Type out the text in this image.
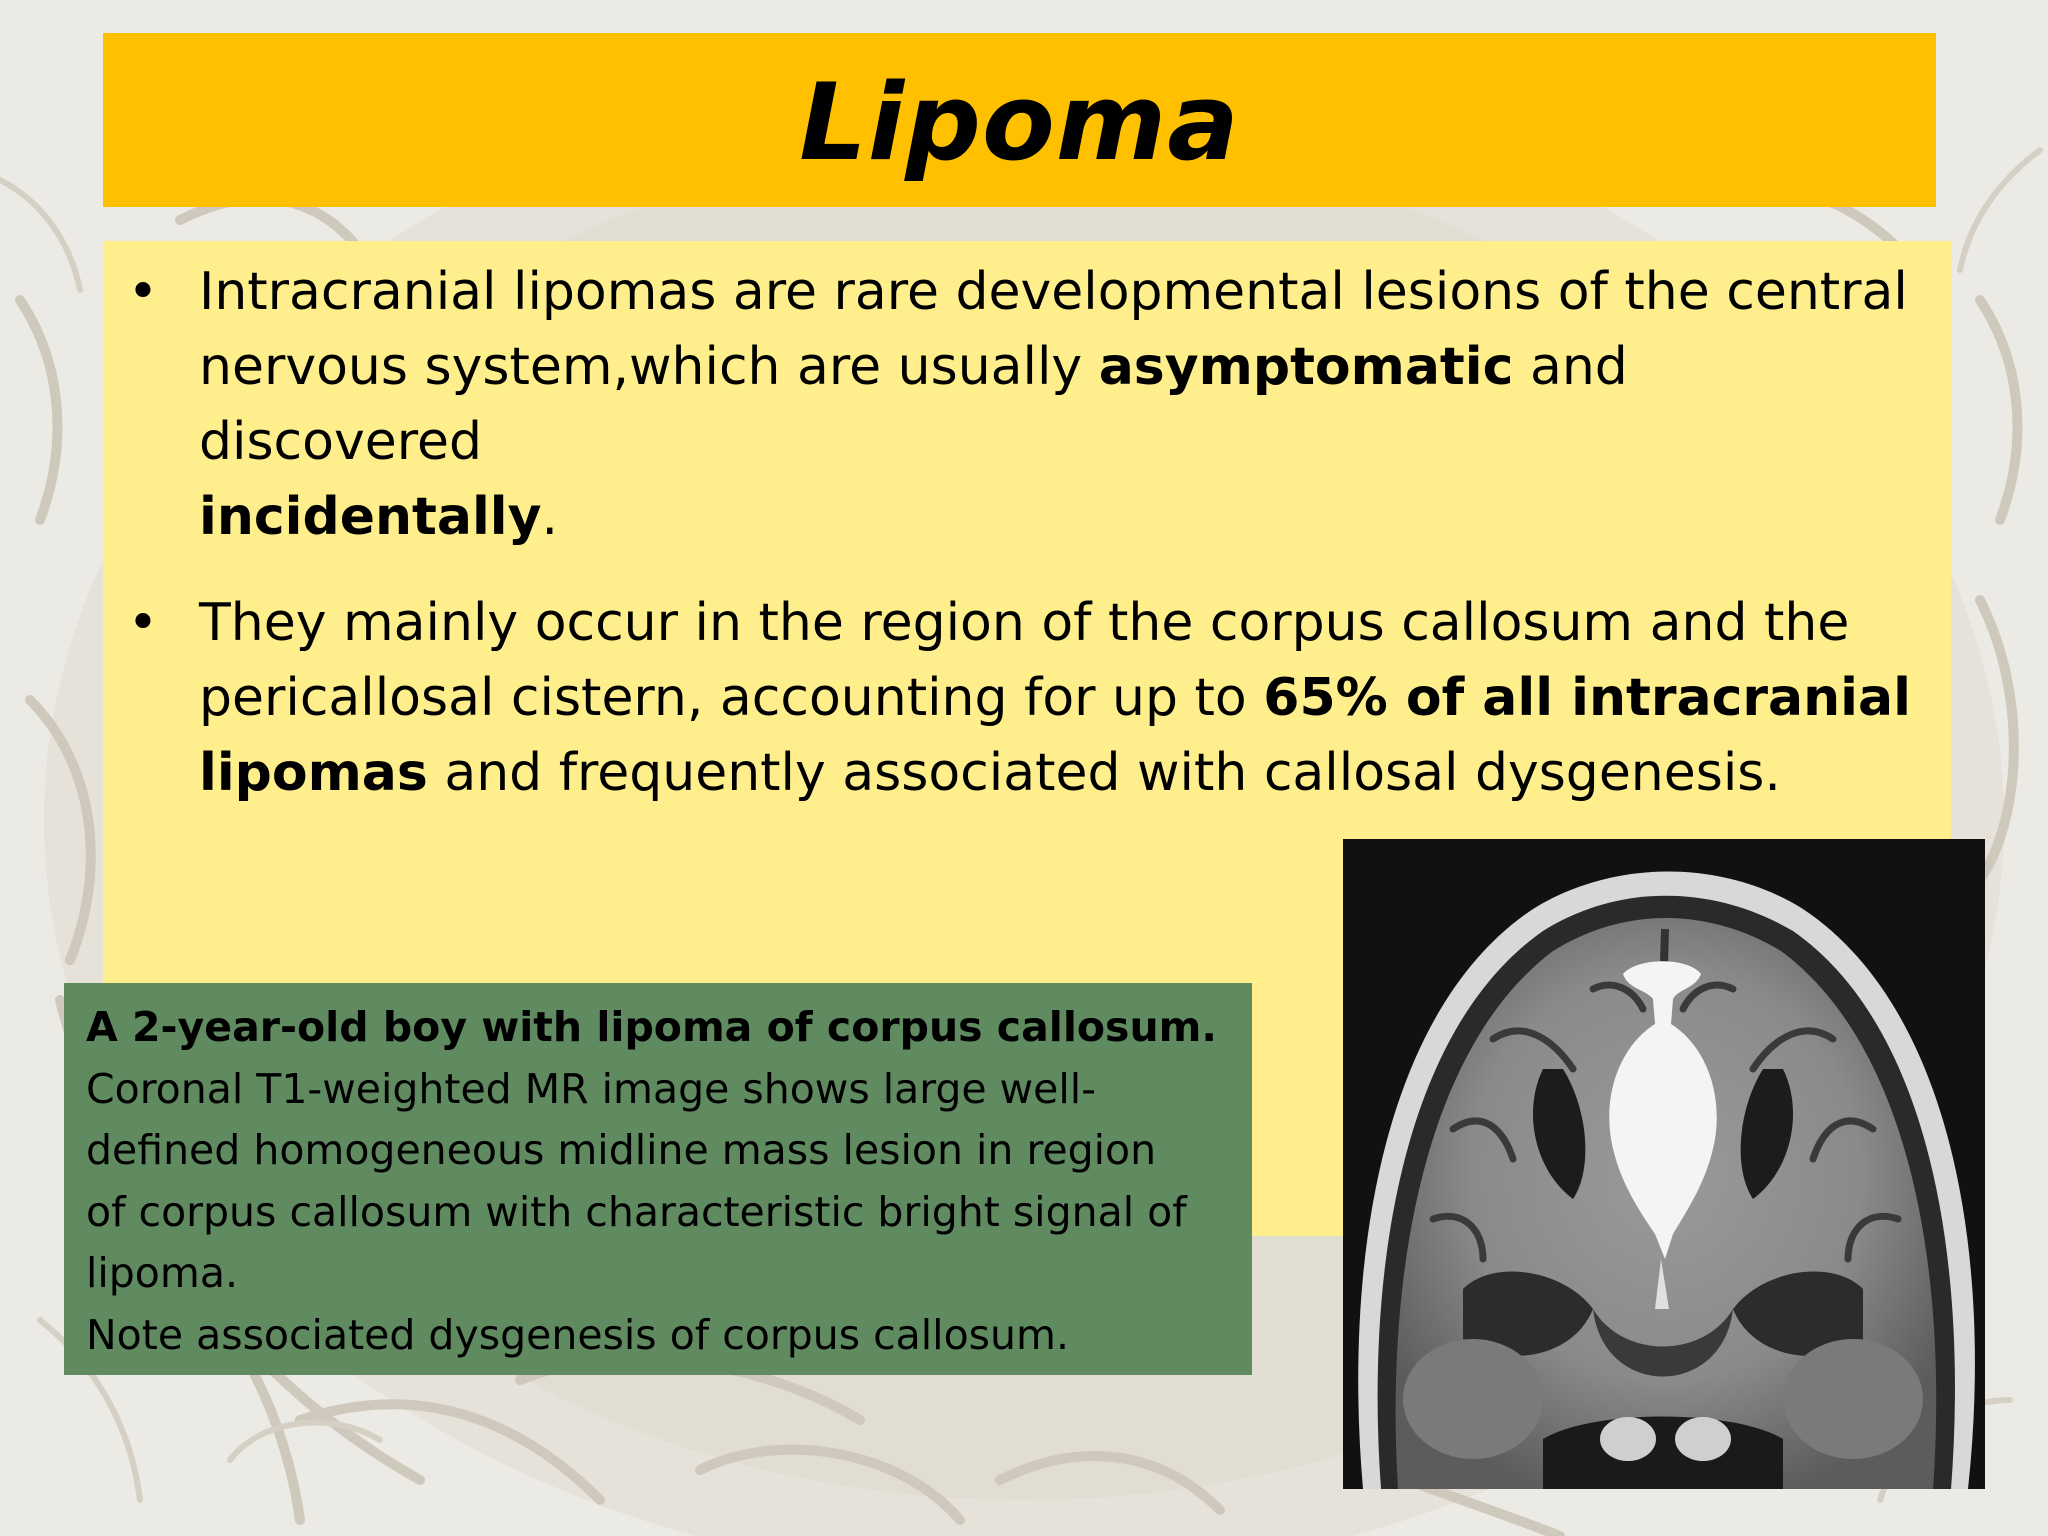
Lipoma
• Intracranial lipomas are rare developmental lesions of the central
nervous system,which are usually asymptomatic and discovered
incidentally.
• They mainly occur in the region of the corpus callosum and the
pericallosal cistern, accounting for up to 65% of all intracranial
lipomas and frequently associated with callosal dysgenesis.
A 2-year-old boy with lipoma of corpus callosum.
Coronal T1-weighted MR image shows large well-
defined homogeneous midline mass lesion in region
of corpus callosum with characteristic bright signal of
lipoma.
Note associated dysgenesis of corpus callosum.
